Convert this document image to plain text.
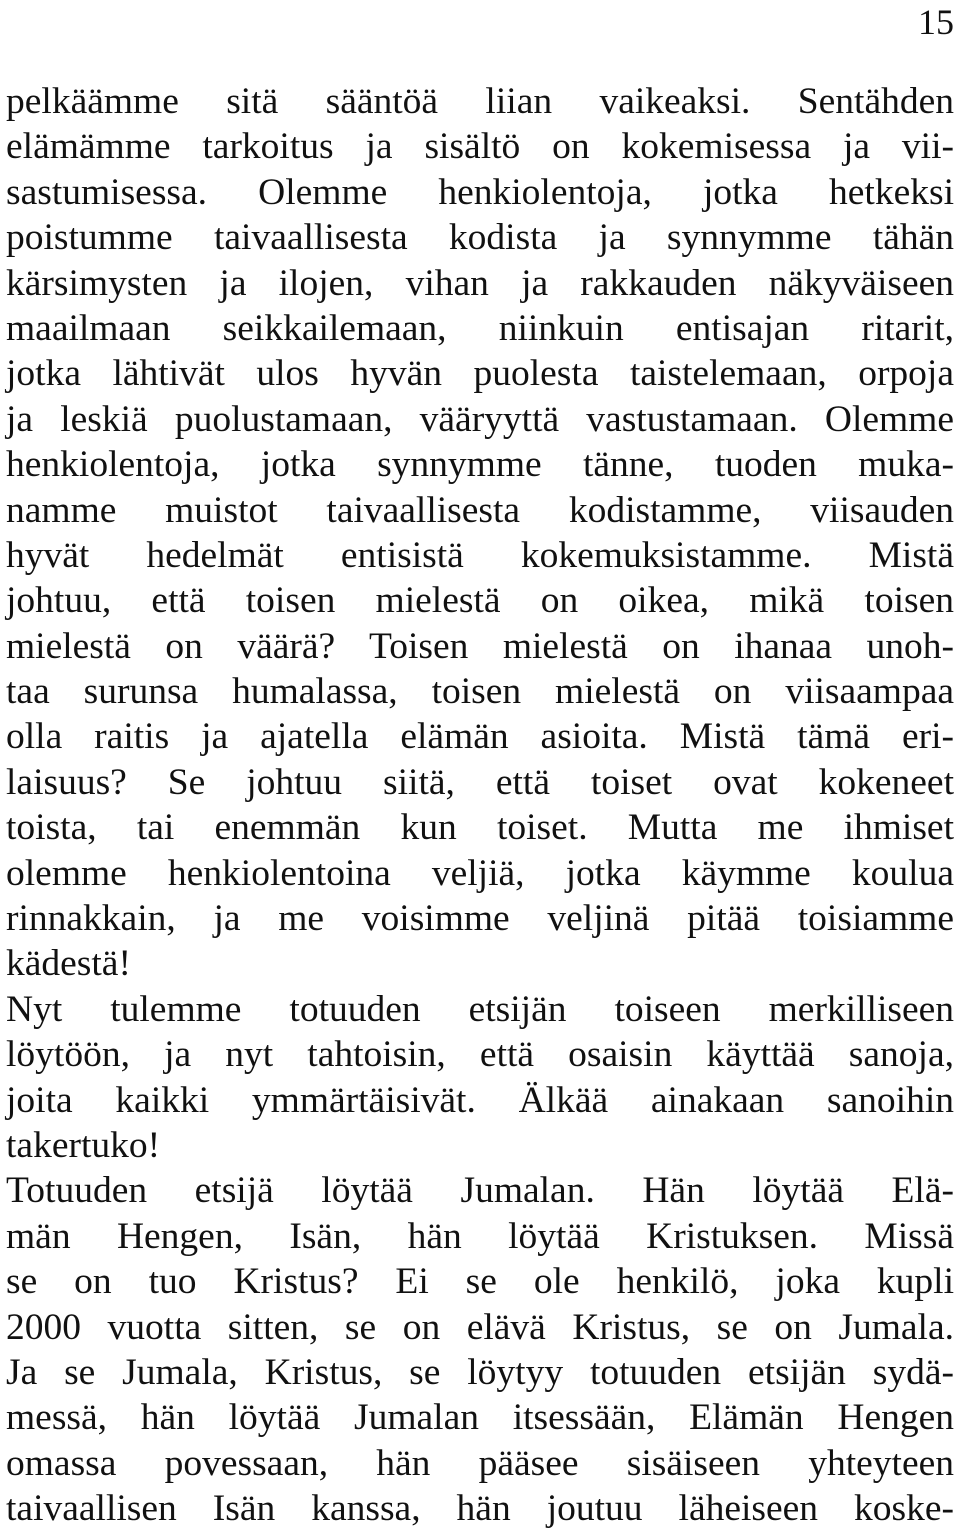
15
pelkäämme sitä sääntöä liian vaikeaksi. Sentähden
elämämme tarkoitus ja sisältö on kokemisessa ja vii-
sastumisessa. Olemme henkiolentoja, jotka hetkeksi
poistumme taivaallisesta kodista ja synnymme tähän
kärsimysten ja ilojen, vihan ja rakkauden näkyväiseen
maailmaan seikkailemaan, niinkuin entisajan ritarit,
jotka lähtivät ulos hyvän puolesta taistelemaan, orpoja
ja leskiä puolustamaan, vääryyttä vastustamaan. Olemme
henkiolentoja, jotka synnymme tänne, tuoden muka-
namme muistot taivaallisesta kodistamme, viisauden
hyvät hedelmät entisistä kokemuksistamme. Mistä
johtuu, että toisen mielestä on oikea, mikä toisen
mielestä on väärä? Toisen mielestä on ihanaa unoh-
taa surunsa humalassa, toisen mielestä on viisaampaa
olla raitis ja ajatella elämän asioita. Mistä tämä eri-
laisuus? Se johtuu siitä, että toiset ovat kokeneet
toista, tai enemmän kun toiset. Mutta me ihmiset
olemme henkiolentoina veljiä, jotka käymme koulua
rinnakkain, ja me voisimme veljinä pitää toisiamme
kädestä!
Nyt tulemme totuuden etsijän toiseen merkilliseen
löytöön, ja nyt tahtoisin, että osaisin käyttää sanoja,
joita kaikki ymmärtäisivät. Älkää ainakaan sanoihin
takertuko!
Totuuden etsijä löytää Jumalan. Hän löytää Elä-
män Hengen, Isän, hän löytää Kristuksen. Missä
se on tuo Kristus? Ei se ole henkilö, joka kupli
2000 vuotta sitten, se on elävä Kristus, se on Jumala.
Ja se Jumala, Kristus, se löytyy totuuden etsijän sydä-
messä, hän löytää Jumalan itsessään, Elämän Hengen
omassa povessaan, hän pääsee sisäiseen yhteyteen
taivaallisen Isän kanssa, hän joutuu läheiseen koske-
